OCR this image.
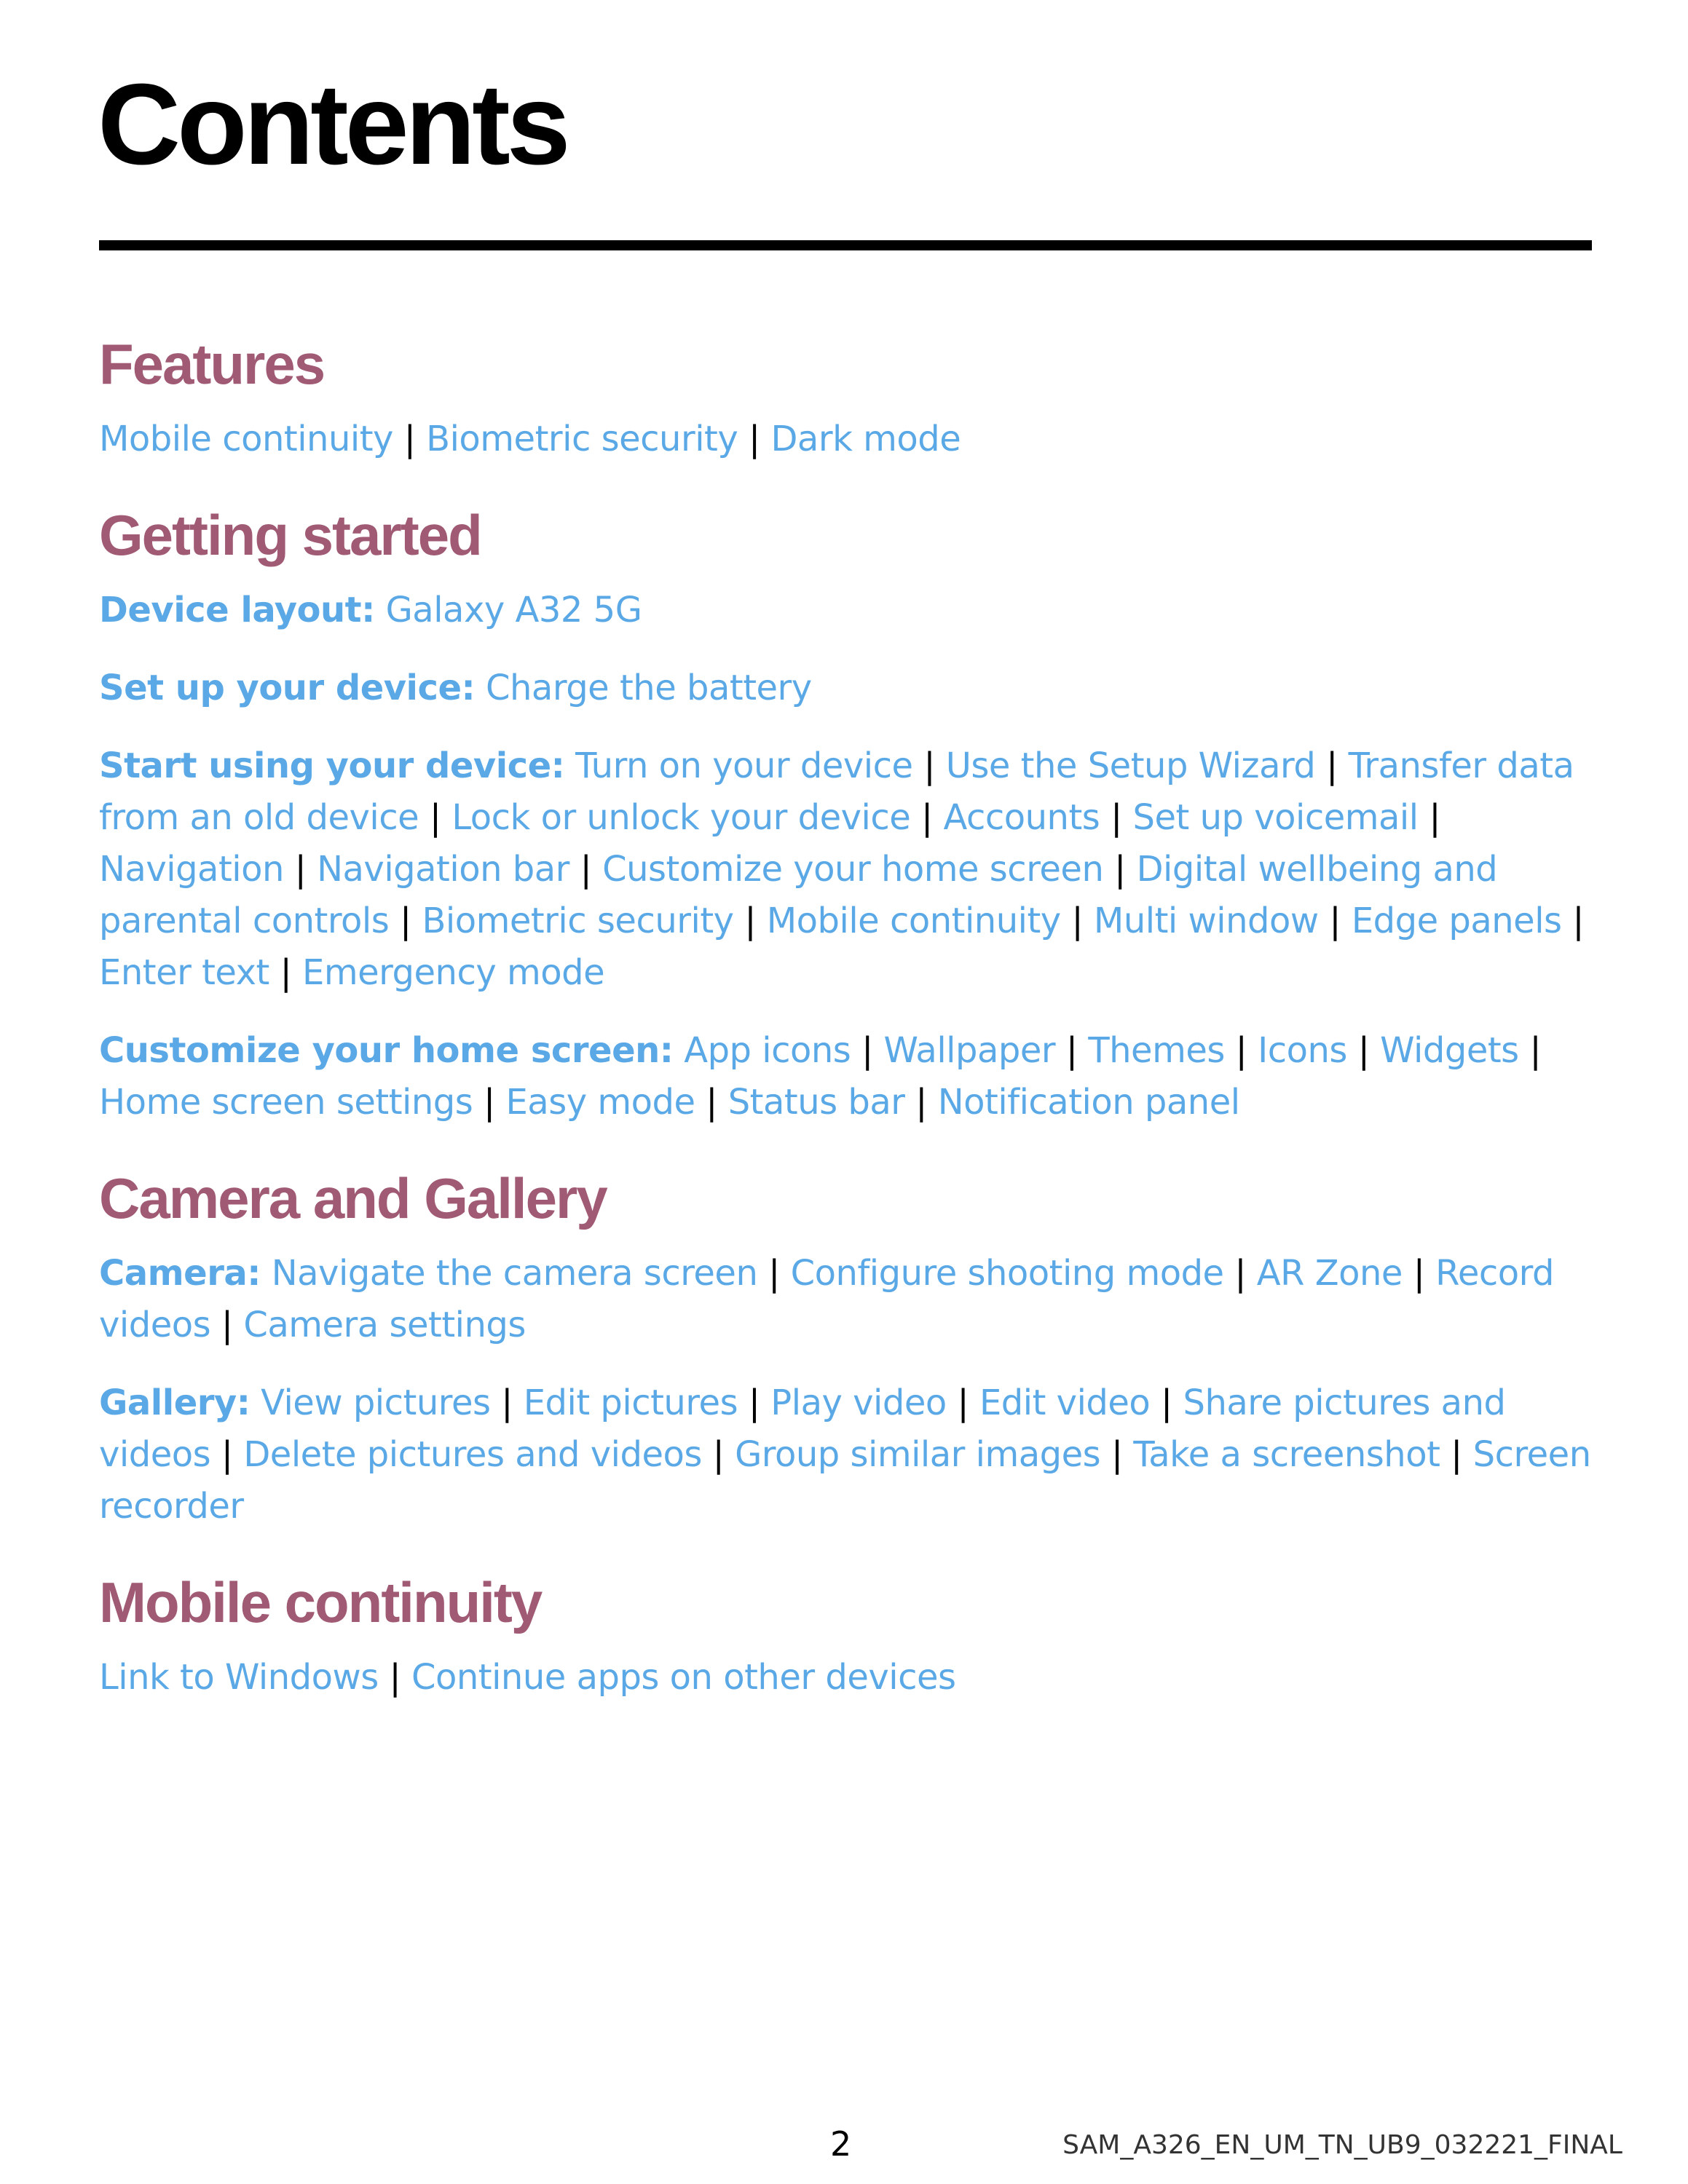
Contents
Features

Mobile continuity | Biometric security | Dark mode

Getting started

Device layout: Galaxy A32 5G

Set up your device: Charge the battery

Start using your device: Turn on your device | Use the Setup Wizard | Transfer data from an old device | Lock or unlock your device | Accounts | Set up voicemail | Navigation | Navigation bar | Customize your home screen | Digital wellbeing and parental controls | Biometric security | Mobile continuity | Multi window | Edge panels | Enter text | Emergency mode

Customize your home screen: App icons | Wallpaper | Themes | Icons | Widgets | Home screen settings | Easy mode | Status bar | Notification panel

Camera and Gallery

Camera: Navigate the camera screen | Configure shooting mode | AR Zone | Record videos | Camera settings

Gallery: View pictures | Edit pictures | Play video | Edit video | Share pictures and videos | Delete pictures and videos | Group similar images | Take a screenshot | Screen recorder

Mobile continuity

Link to Windows | Continue apps on other devices

2	SAM_A326_EN_UM_TN_UB9_032221_FINAL
